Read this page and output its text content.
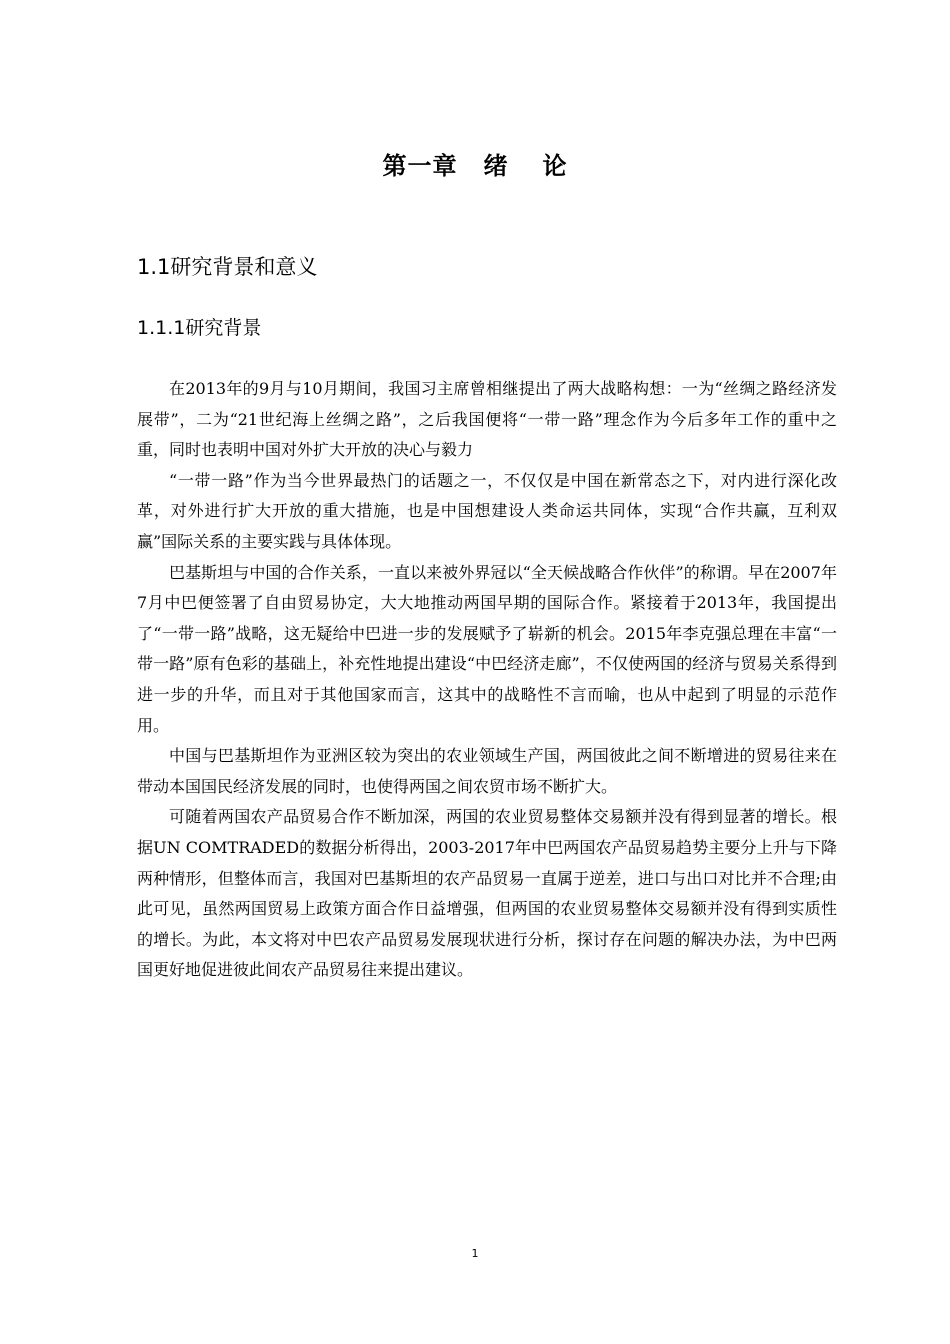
第一章 绪 论
1.1研究背景和意义
1.1.1研究背景

在2013年的9月与10月期间，我国习主席曾相继提出了两大战略构想：一为“丝绸之路经济发展带”，二为“21世纪海上丝绸之路”，之后我国便将“一带一路”理念作为今后多年工作的重中之重，同时也表明中国对外扩大开放的决心与毅力

“一带一路”作为当今世界最热门的话题之一，不仅仅是中国在新常态之下，对内进行深化改革，对外进行扩大开放的重大措施，也是中国想建设人类命运共同体，实现“合作共赢，互利双赢”国际关系的主要实践与具体体现。

巴基斯坦与中国的合作关系，一直以来被外界冠以“全天候战略合作伙伴”的称谓。早在2007年7月中巴便签署了自由贸易协定，大大地推动两国早期的国际合作。紧接着于2013年，我国提出了“一带一路”战略，这无疑给中巴进一步的发展赋予了崭新的机会。2015年李克强总理在丰富“一带一路”原有色彩的基础上，补充性地提出建设“中巴经济走廊”，不仅使两国的经济与贸易关系得到进一步的升华，而且对于其他国家而言，这其中的战略性不言而喻，也从中起到了明显的示范作用。

中国与巴基斯坦作为亚洲区较为突出的农业领域生产国，两国彼此之间不断增进的贸易往来在带动本国国民经济发展的同时，也使得两国之间农贸市场不断扩大。

可随着两国农产品贸易合作不断加深，两国的农业贸易整体交易额并没有得到显著的增长。根据UN COMTRADED的数据分析得出，2003-2017年中巴两国农产品贸易趋势主要分上升与下降两种情形，但整体而言，我国对巴基斯坦的农产品贸易一直属于逆差，进口与出口对比并不合理;由此可见，虽然两国贸易上政策方面合作日益增强，但两国的农业贸易整体交易额并没有得到实质性的增长。为此，本文将对中巴农产品贸易发展现状进行分析，探讨存在问题的解决办法，为中巴两国更好地促进彼此间农产品贸易往来提出建议。

1
